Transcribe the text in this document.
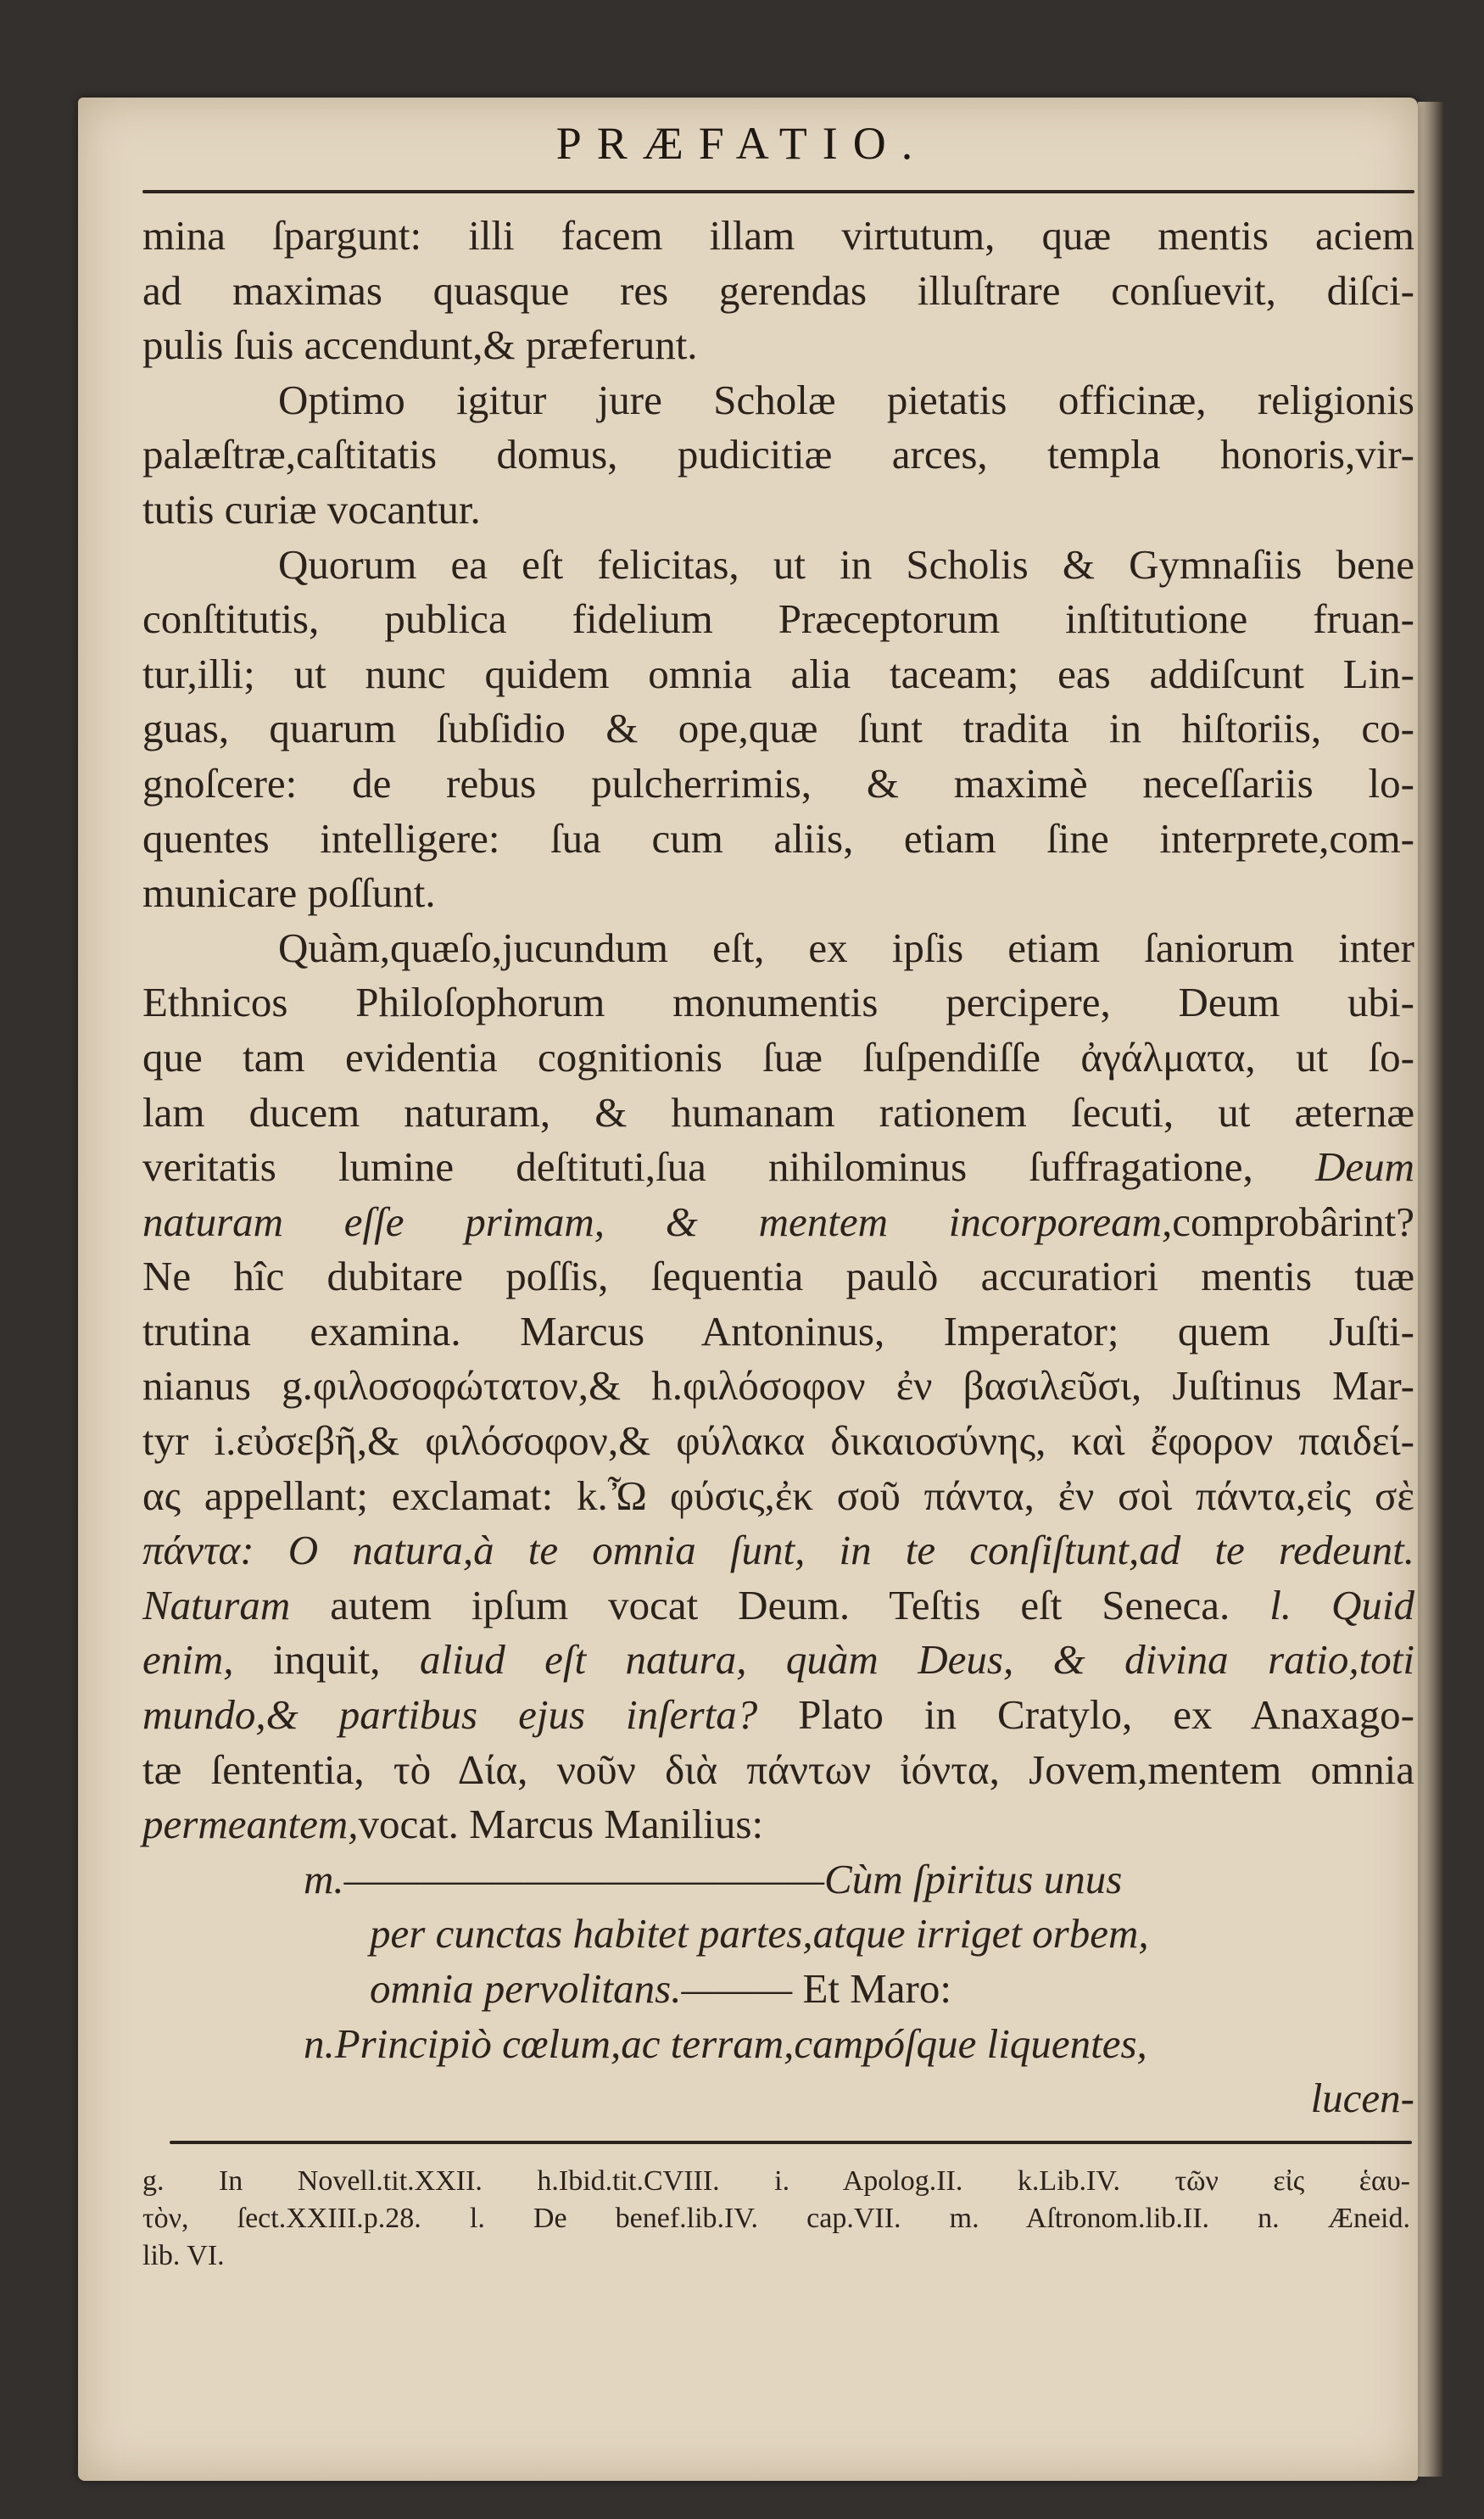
PRÆFATIO.
mina ſpargunt: illi facem illam virtutum, quæ mentis aciem
ad maximas quasque res gerendas illuſtrare conſuevit, diſci-
pulis ſuis accendunt,& præferunt.
Optimo igitur jure Scholæ pietatis officinæ, religionis
palæſtræ,caſtitatis domus, pudicitiæ arces, templa honoris,vir-
tutis curiæ vocantur.
Quorum ea eſt felicitas, ut in Scholis & Gymnaſiis bene
conſtitutis, publica fidelium Præceptorum inſtitutione fruan-
tur,illi; ut nunc quidem omnia alia taceam; eas addiſcunt Lin-
guas, quarum ſubſidio & ope,quæ ſunt tradita in hiſtoriis, co-
gnoſcere: de rebus pulcherrimis, & maximè neceſſariis lo-
quentes intelligere: ſua cum aliis, etiam ſine interprete,com-
municare poſſunt.
Quàm,quæſo,jucundum eſt, ex ipſis etiam ſaniorum inter
Ethnicos Philoſophorum monumentis percipere, Deum ubi-
que tam evidentia cognitionis ſuæ ſuſpendiſſe ἀγάλματα, ut ſo-
lam ducem naturam, & humanam rationem ſecuti, ut æternæ
veritatis lumine deſtituti,ſua nihilominus ſuffragatione, Deum
naturam eſſe primam, & mentem incorpoream,comprobârint?
Ne hîc dubitare poſſis, ſequentia paulò accuratiori mentis tuæ
trutina examina. Marcus Antoninus, Imperator; quem Juſti-
nianus g.φιλοσοφώτατον,& h.φιλόσοφον ἐν βασιλεῦσι, Juſtinus Mar-
tyr i.εὐσεβῆ,& φιλόσοφον,& φύλακα δικαιοσύνης, καὶ ἔφορον παιδεί-
ας appellant; exclamat: k.Ὦ φύσις,ἐκ σοῦ πάντα, ἐν σοὶ πάντα,εἰς σὲ
πάντα: O natura,à te omnia ſunt, in te conſiſtunt,ad te redeunt.
Naturam autem ipſum vocat Deum. Teſtis eſt Seneca. l. Quid
enim, inquit, aliud eſt natura, quàm Deus, & divina ratio,toti
mundo,& partibus ejus inſerta? Plato in Cratylo, ex Anaxago-
tæ ſententia, τὸ Δία, νοῦν διὰ πάντων ἰόντα, Jovem,mentem omnia
permeantem,vocat. Marcus Manilius:
m.—————————————Cùm ſpiritus unus
per cunctas habitet partes,atque irriget orbem,
omnia pervolitans.——— Et Maro:
n.Principiò cœlum,ac terram,campóſque liquentes,
lucen-
g. In Novell.tit.XXII. h.Ibid.tit.CVIII. i. Apolog.II. k.Lib.IV. τῶν εἰς ἑαυ-
τὸν, ſect.XXIII.p.28. l. De benef.lib.IV. cap.VII. m. Aſtronom.lib.II. n. Æneid.
lib. VI.
